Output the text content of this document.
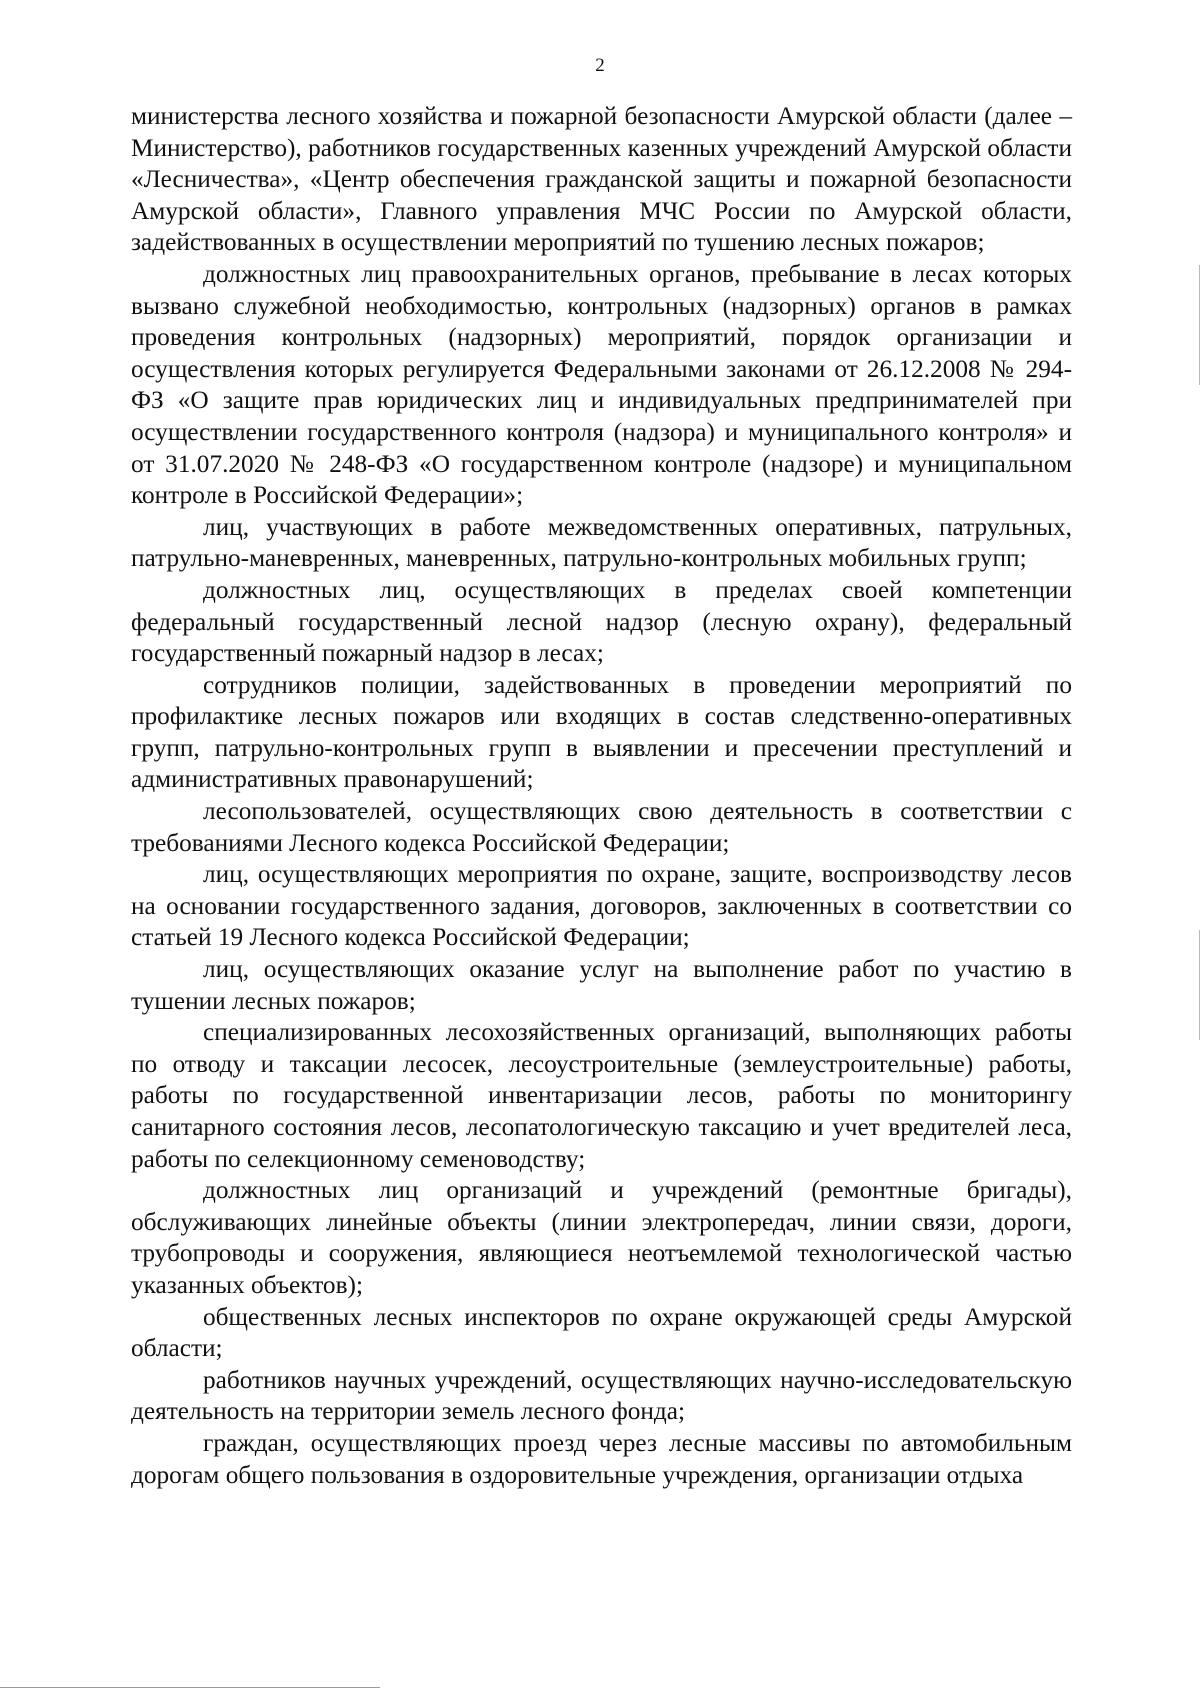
2

министерства лесного хозяйства и пожарной безопасности Амурской области (далее – Министерство), работников государственных казенных учреждений Амурской области «Лесничества», «Центр обеспечения гражданской защиты и пожарной безопасности Амурской области», Главного управления МЧС России по Амурской области, задействованных в осуществлении мероприятий по тушению лесных пожаров;

должностных лиц правоохранительных органов, пребывание в лесах которых вызвано служебной необходимостью, контрольных (надзорных) органов в рамках проведения контрольных (надзорных) мероприятий, порядок организации и осуществления которых регулируется Федеральными законами от 26.12.2008 № 294-ФЗ «О защите прав юридических лиц и индивидуальных предпринимателей при осуществлении государственного контроля (надзора) и муниципального контроля» и от 31.07.2020 № 248-ФЗ «О государственном контроле (надзоре) и муниципальном контроле в Российской Федерации»;

лиц, участвующих в работе межведомственных оперативных, патрульных, патрульно-маневренных, маневренных, патрульно-контрольных мобильных групп;

должностных лиц, осуществляющих в пределах своей компетенции федеральный государственный лесной надзор (лесную охрану), федеральный государственный пожарный надзор в лесах;

сотрудников полиции, задействованных в проведении мероприятий по профилактике лесных пожаров или входящих в состав следственно-оперативных групп, патрульно-контрольных групп в выявлении и пресечении преступлений и административных правонарушений;

лесопользователей, осуществляющих свою деятельность в соответствии с требованиями Лесного кодекса Российской Федерации;

лиц, осуществляющих мероприятия по охране, защите, воспроизводству лесов на основании государственного задания, договоров, заключенных в соответствии со статьей 19 Лесного кодекса Российской Федерации;

лиц, осуществляющих оказание услуг на выполнение работ по участию в тушении лесных пожаров;

специализированных лесохозяйственных организаций, выполняющих работы по отводу и таксации лесосек, лесоустроительные (землеустроительные) работы, работы по государственной инвентаризации лесов, работы по мониторингу санитарного состояния лесов, лесопатологическую таксацию и учет вредителей леса, работы по селекционному семеноводству;

должностных лиц организаций и учреждений (ремонтные бригады), обслуживающих линейные объекты (линии электропередач, линии связи, дороги, трубопроводы и сооружения, являющиеся неотъемлемой технологической частью указанных объектов);

общественных лесных инспекторов по охране окружающей среды Амурской области;

работников научных учреждений, осуществляющих научно-исследовательскую деятельность на территории земель лесного фонда;

граждан, осуществляющих проезд через лесные массивы по автомобильным дорогам общего пользования в оздоровительные учреждения, организации отдыха
